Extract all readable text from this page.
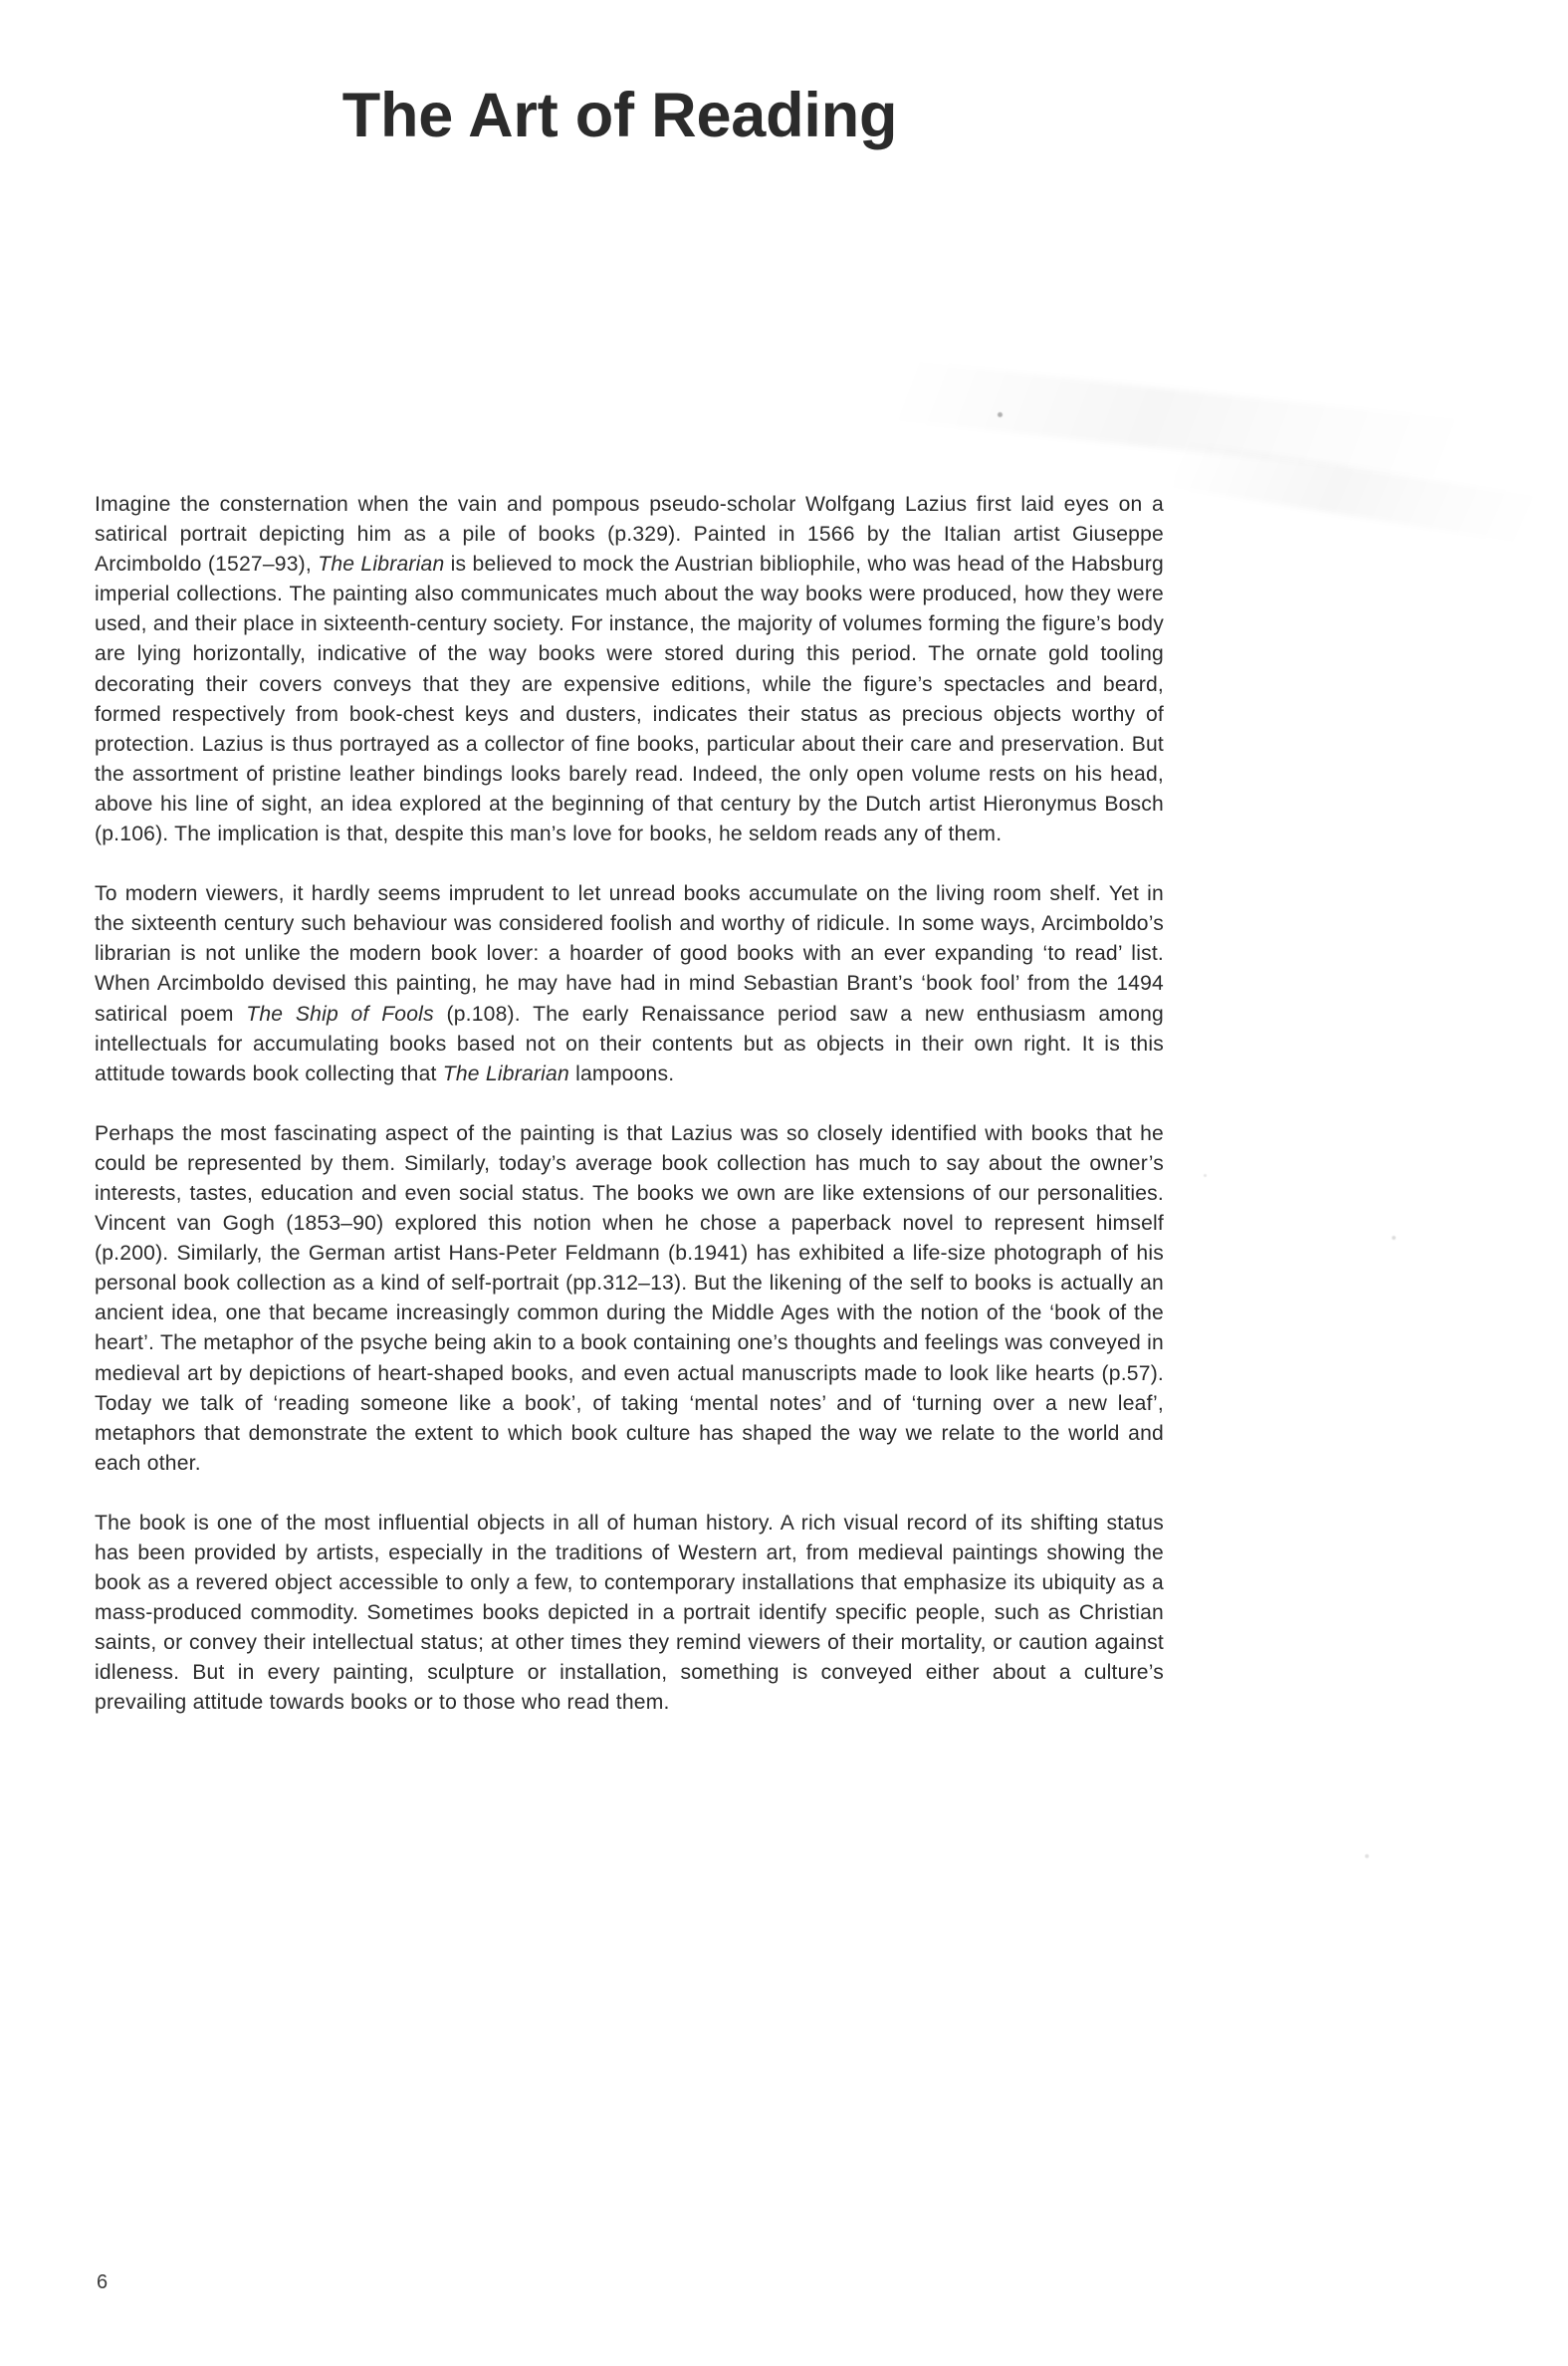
The Art of Reading

Imagine the consternation when the vain and pompous pseudo-scholar Wolfgang Lazius first laid eyes on a satirical portrait depicting him as a pile of books (p.329). Painted in 1566 by the Italian artist Giuseppe Arcimboldo (1527–93), The Librarian is believed to mock the Austrian bibliophile, who was head of the Habsburg imperial collections. The painting also communicates much about the way books were produced, how they were used, and their place in sixteenth-century society. For instance, the majority of volumes forming the figure’s body are lying horizontally, indicative of the way books were stored during this period. The ornate gold tooling decorating their covers conveys that they are expensive editions, while the figure’s spectacles and beard, formed respectively from book-chest keys and dusters, indicates their status as precious objects worthy of protection. Lazius is thus portrayed as a collector of fine books, particular about their care and preservation. But the assortment of pristine leather bindings looks barely read. Indeed, the only open volume rests on his head, above his line of sight, an idea explored at the beginning of that century by the Dutch artist Hieronymus Bosch (p.106). The implication is that, despite this man’s love for books, he seldom reads any of them.

To modern viewers, it hardly seems imprudent to let unread books accumulate on the living room shelf. Yet in the sixteenth century such behaviour was considered foolish and worthy of ridicule. In some ways, Arcimboldo’s librarian is not unlike the modern book lover: a hoarder of good books with an ever expanding ‘to read’ list. When Arcimboldo devised this painting, he may have had in mind Sebastian Brant’s ‘book fool’ from the 1494 satirical poem The Ship of Fools (p.108). The early Renaissance period saw a new enthusiasm among intellectuals for accumulating books based not on their contents but as objects in their own right. It is this attitude towards book collecting that The Librarian lampoons.

Perhaps the most fascinating aspect of the painting is that Lazius was so closely identified with books that he could be represented by them. Similarly, today’s average book collection has much to say about the owner’s interests, tastes, education and even social status. The books we own are like extensions of our personalities. Vincent van Gogh (1853–90) explored this notion when he chose a paperback novel to represent himself (p.200). Similarly, the German artist Hans-Peter Feldmann (b.1941) has exhibited a life-size photograph of his personal book collection as a kind of self-portrait (pp.312–13). But the likening of the self to books is actually an ancient idea, one that became increasingly common during the Middle Ages with the notion of the ‘book of the heart’. The metaphor of the psyche being akin to a book containing one’s thoughts and feelings was conveyed in medieval art by depictions of heart-shaped books, and even actual manuscripts made to look like hearts (p.57). Today we talk of ‘reading someone like a book’, of taking ‘mental notes’ and of ‘turning over a new leaf’, metaphors that demonstrate the extent to which book culture has shaped the way we relate to the world and each other.

The book is one of the most influential objects in all of human history. A rich visual record of its shifting status has been provided by artists, especially in the traditions of Western art, from medieval paintings showing the book as a revered object accessible to only a few, to contemporary installations that emphasize its ubiquity as a mass-produced commodity. Sometimes books depicted in a portrait identify specific people, such as Christian saints, or convey their intellectual status; at other times they remind viewers of their mortality, or caution against idleness. But in every painting, sculpture or installation, something is conveyed either about a culture’s prevailing attitude towards books or to those who read them.

6
